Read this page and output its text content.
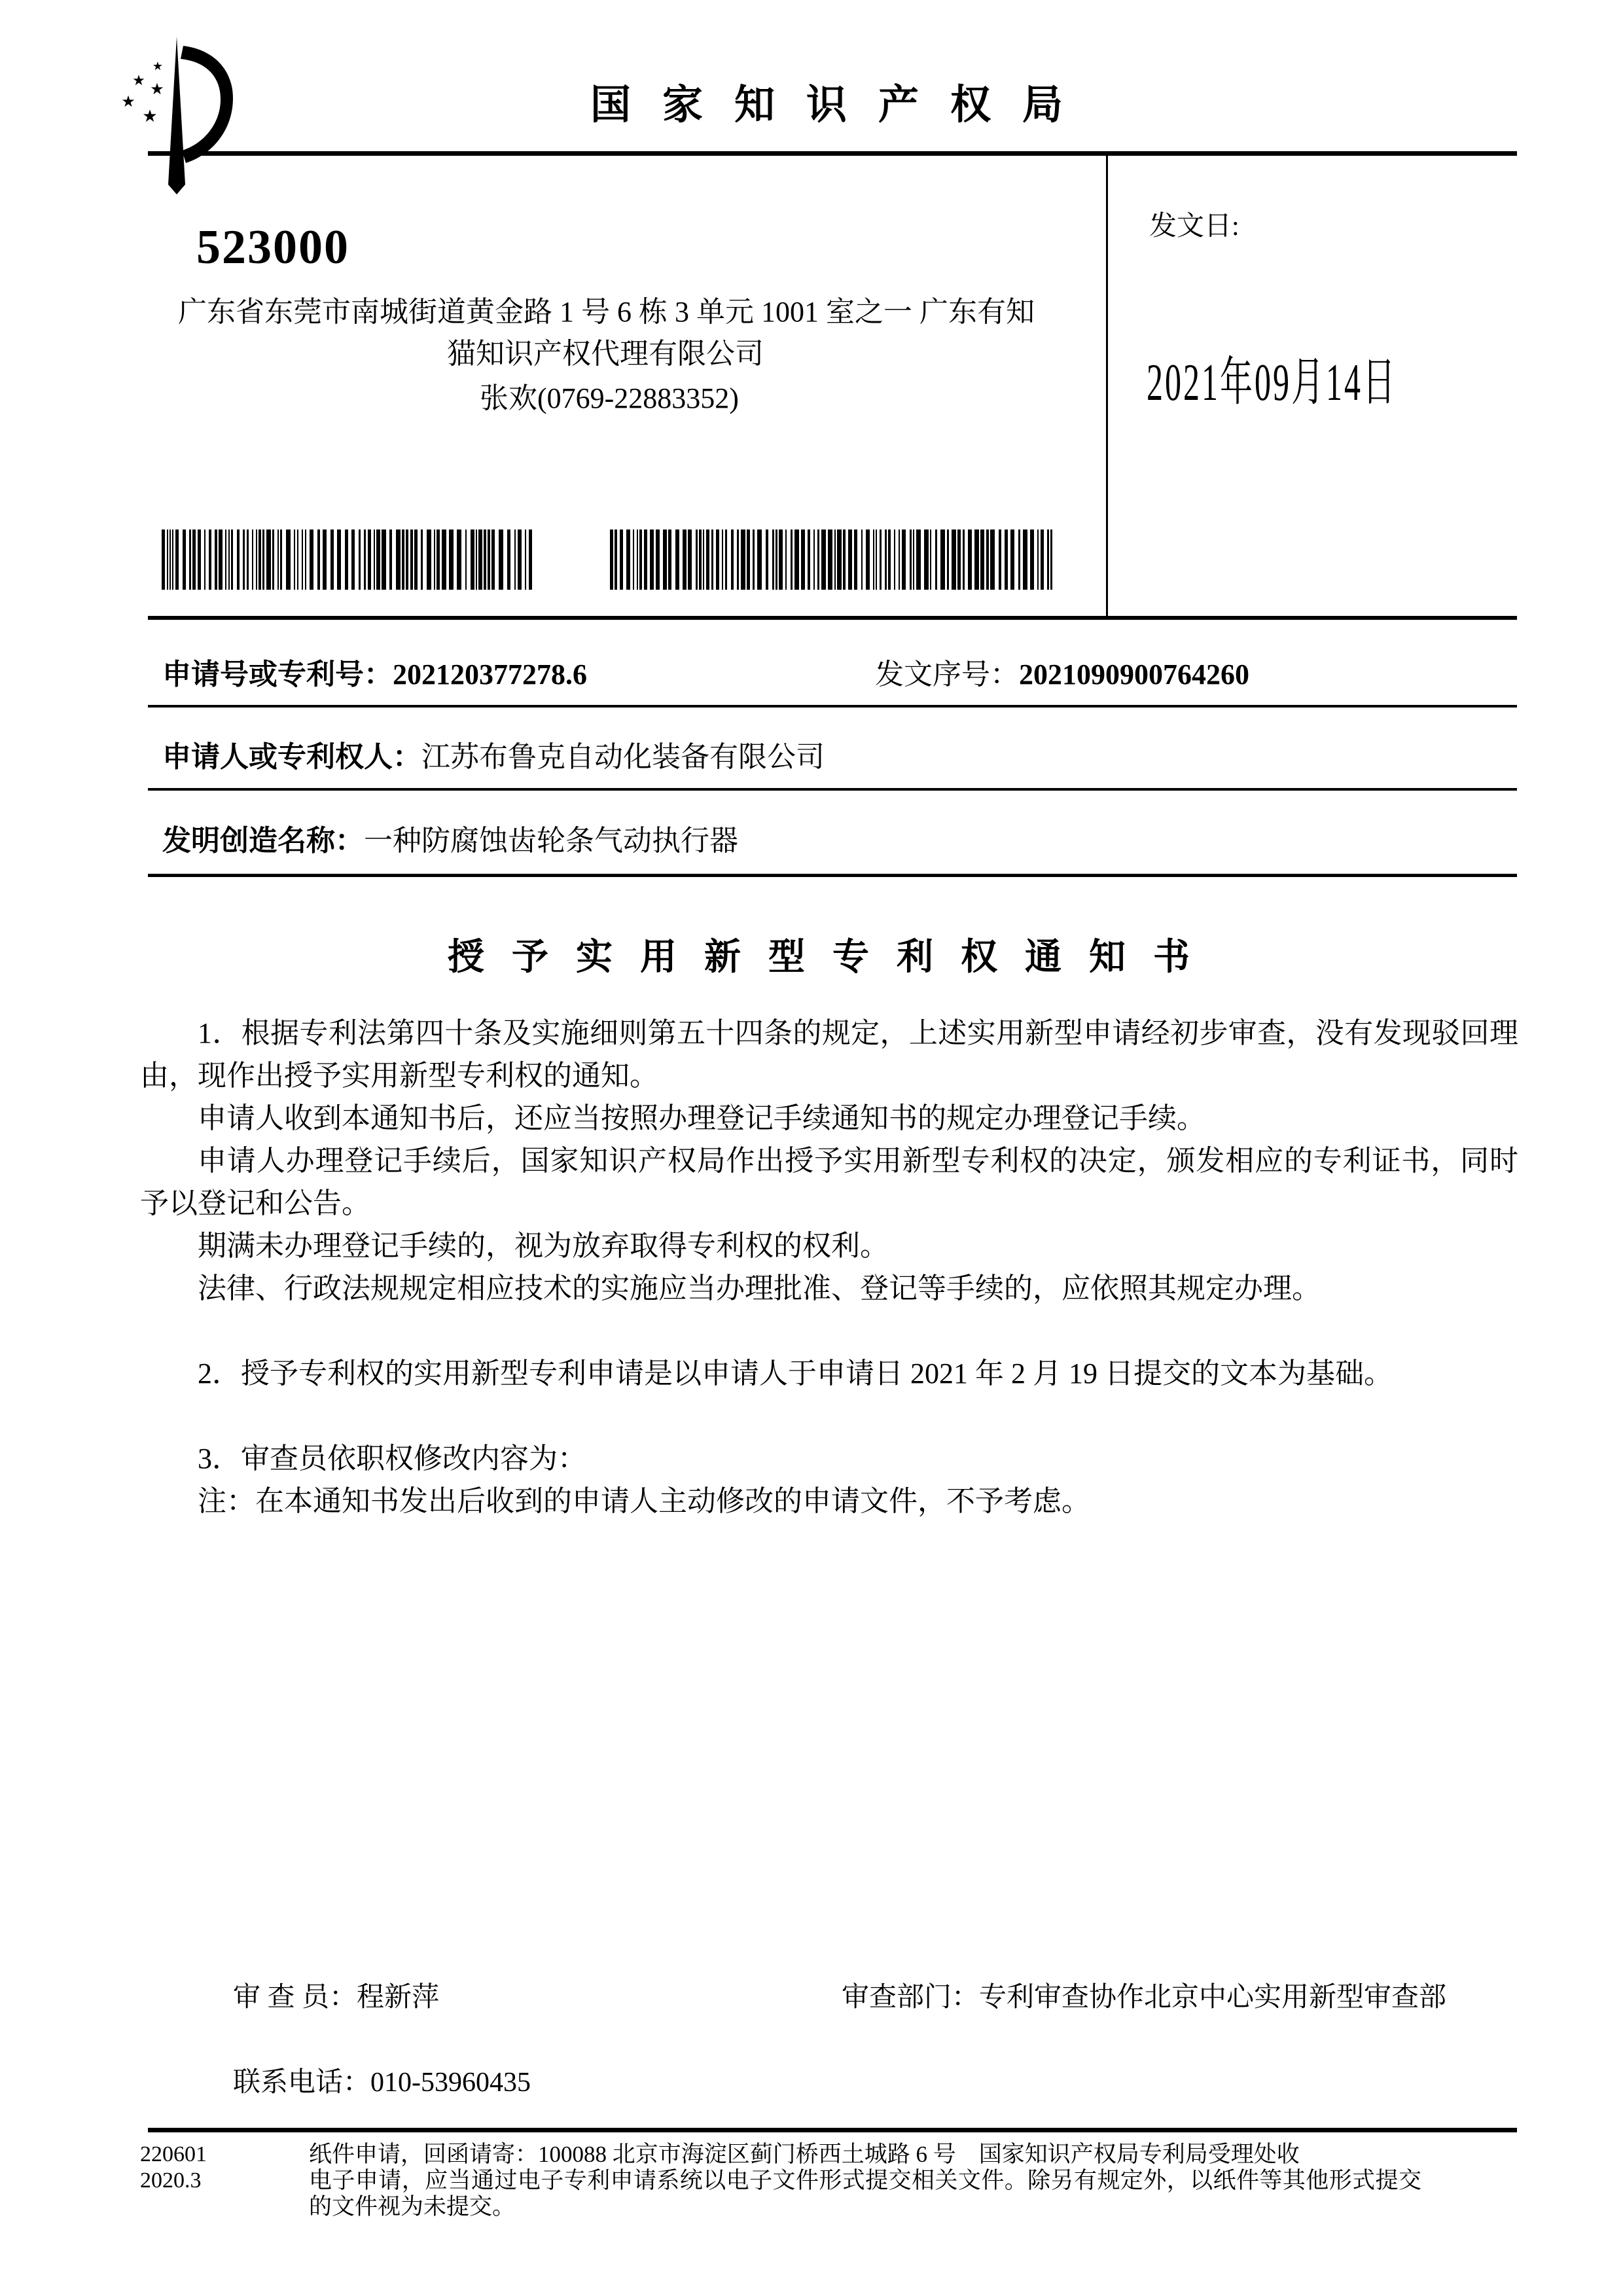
★
★
★
★
★	国家知识产权局
523000
广东省东莞市南城街道黄金路 1 号 6 栋 3 单元 1001 室之一 广东有知
猫知识产权代理有限公司
张欢(0769-22883352)
发文日:
2021年09月14日
申请号或专利号：202120377278.6	发文序号：2021090900764260
申请人或专利权人：江苏布鲁克自动化装备有限公司
发明创造名称：一种防腐蚀齿轮条气动执行器
授予实用新型专利权通知书

1．根据专利法第四十条及实施细则第五十四条的规定，上述实用新型申请经初步审查，没有发现驳回理由，现作出授予实用新型专利权的通知。

申请人收到本通知书后，还应当按照办理登记手续通知书的规定办理登记手续。

申请人办理登记手续后，国家知识产权局作出授予实用新型专利权的决定，颁发相应的专利证书，同时予以登记和公告。

期满未办理登记手续的，视为放弃取得专利权的权利。

法律、行政法规规定相应技术的实施应当办理批准、登记等手续的，应依照其规定办理。

2．授予专利权的实用新型专利申请是以申请人于申请日 2021 年 2 月 19 日提交的文本为基础。

3．审查员依职权修改内容为：

注：在本通知书发出后收到的申请人主动修改的申请文件，不予考虑。

审 查 员：程新萍	审查部门：专利审查协作北京中心实用新型审查部
联系电话：010-53960435
220601
2020.3

纸件申请，回函请寄：100088 北京市海淀区蓟门桥西土城路 6 号　国家知识产权局专利局受理处收

电子申请，应当通过电子专利申请系统以电子文件形式提交相关文件。除另有规定外，以纸件等其他形式提交的文件视为未提交。
